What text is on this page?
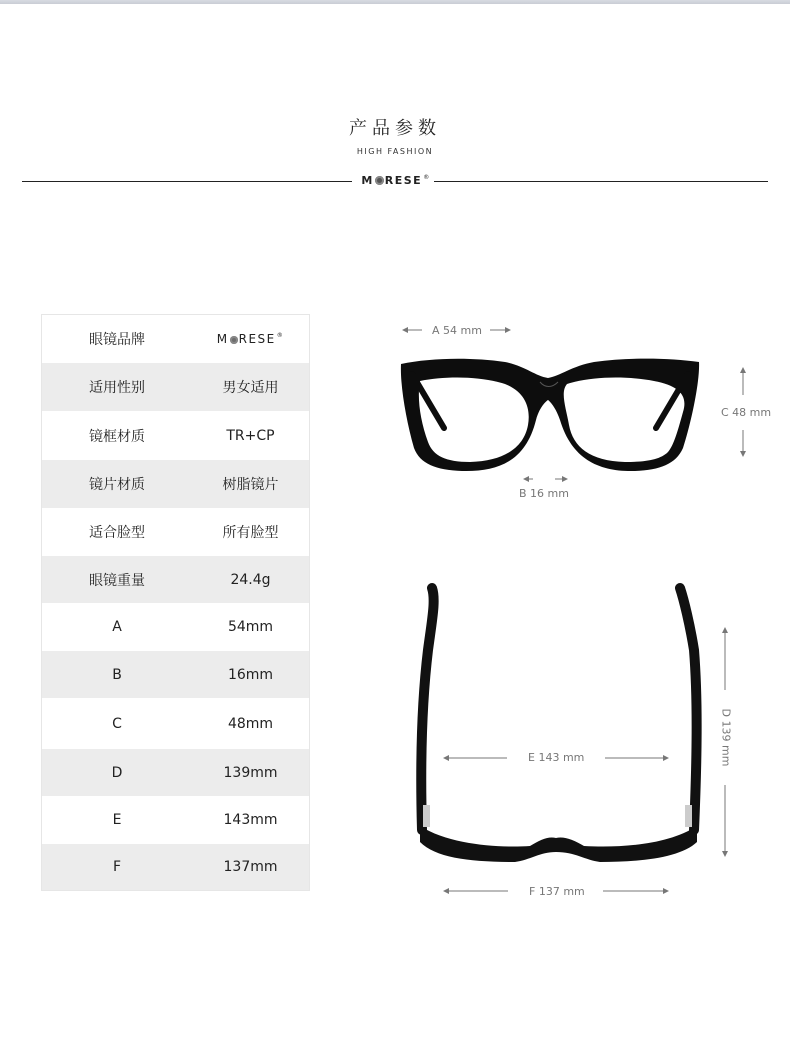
产品参数
HIGH FASHION
M RESE®
眼镜品牌	M RESE®
适用性别	男女适用
镜框材质	TR+CP
镜片材质	树脂镜片
适合脸型	所有脸型
眼镜重量	24.4g
A	54mm
B	16mm
C	48mm
D	139mm
E	143mm
F	137mm
A 54 mm
B 16 mm
C 48 mm
D 139 mm
E 143 mm
F 137 mm
